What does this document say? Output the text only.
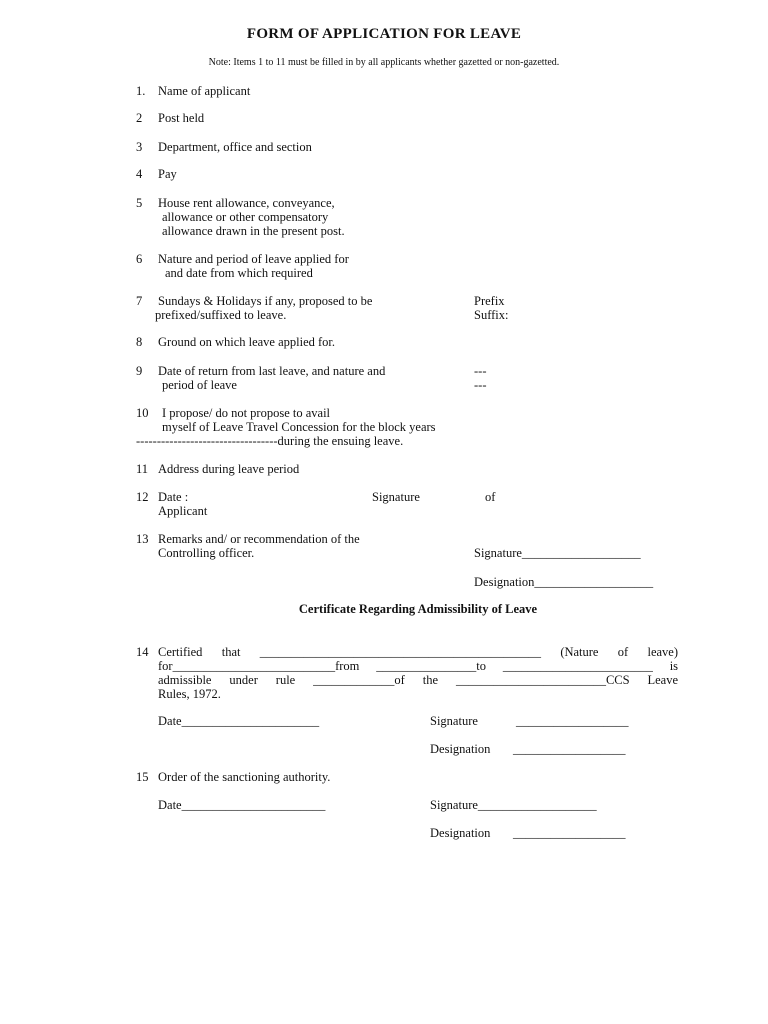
FORM OF APPLICATION FOR LEAVE
Note: Items 1 to 11 must be filled in by all applicants whether gazetted or non-gazetted.
1. Name of applicant
2 Post held
3 Department, office and section
4 Pay
5 House rent allowance, conveyance,
allowance or other compensatory
allowance drawn in the present post.
6 Nature and period of leave applied for
and date from which required
7 Sundays & Holidays if any, proposed to be
prefixed/suffixed to leave.
Prefix
Suffix:
8 Ground on which leave applied for.
9 Date of return from last leave, and nature and
period of leave
---
---
10 I propose/ do not propose to avail
myself of Leave Travel Concession for the block years
----------------------------------during the ensuing leave.
11 Address during leave period
12 Date :	Signature	of
Applicant
13 Remarks and/ or recommendation of the
Controlling officer.	Signature___________________
Designation___________________
Certificate Regarding Admissibility of Leave
14 Certified that _____________________________________________ (Nature of leave)
for__________________________from ________________to ________________________ is
admissible under rule _____________of the ________________________CCS Leave
Rules, 1972.
Date______________________	Signature	__________________
Designation __________________
15 Order of the sanctioning authority.
Date_______________________	Signature___________________
Designation __________________
